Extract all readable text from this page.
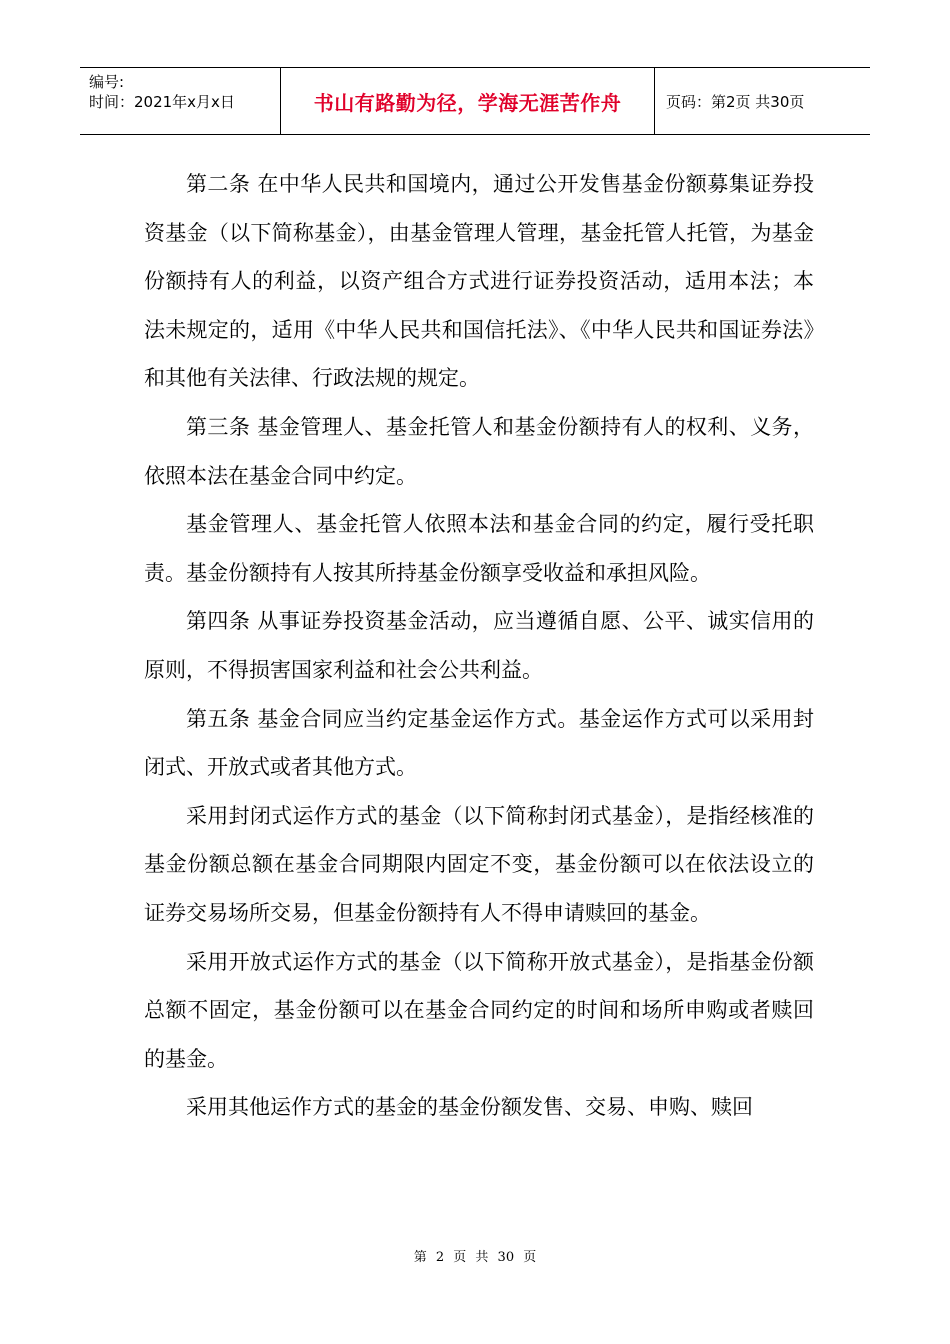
编号:
时间：2021年x月x日	书山有路勤为径，学海无涯苦作舟	页码：第2页 共30页

第二条 在中华人民共和国境内，通过公开发售基金份额募集证券投资基金（以下简称基金），由基金管理人管理，基金托管人托管，为基金份额持有人的利益，以资产组合方式进行证券投资活动，适用本法；本法未规定的，适用《中华人民共和国信托法》、《中华人民共和国证券法》和其他有关法律、行政法规的规定。

第三条 基金管理人、基金托管人和基金份额持有人的权利、义务，依照本法在基金合同中约定。

基金管理人、基金托管人依照本法和基金合同的约定，履行受托职责。基金份额持有人按其所持基金份额享受收益和承担风险。

第四条 从事证券投资基金活动，应当遵循自愿、公平、诚实信用的原则，不得损害国家利益和社会公共利益。

第五条 基金合同应当约定基金运作方式。基金运作方式可以采用封闭式、开放式或者其他方式。

采用封闭式运作方式的基金（以下简称封闭式基金），是指经核准的基金份额总额在基金合同期限内固定不变，基金份额可以在依法设立的证券交易场所交易，但基金份额持有人不得申请赎回的基金。

采用开放式运作方式的基金（以下简称开放式基金），是指基金份额总额不固定，基金份额可以在基金合同约定的时间和场所申购或者赎回的基金。

采用其他运作方式的基金的基金份额发售、交易、申购、赎回

第 2 页 共 30 页
